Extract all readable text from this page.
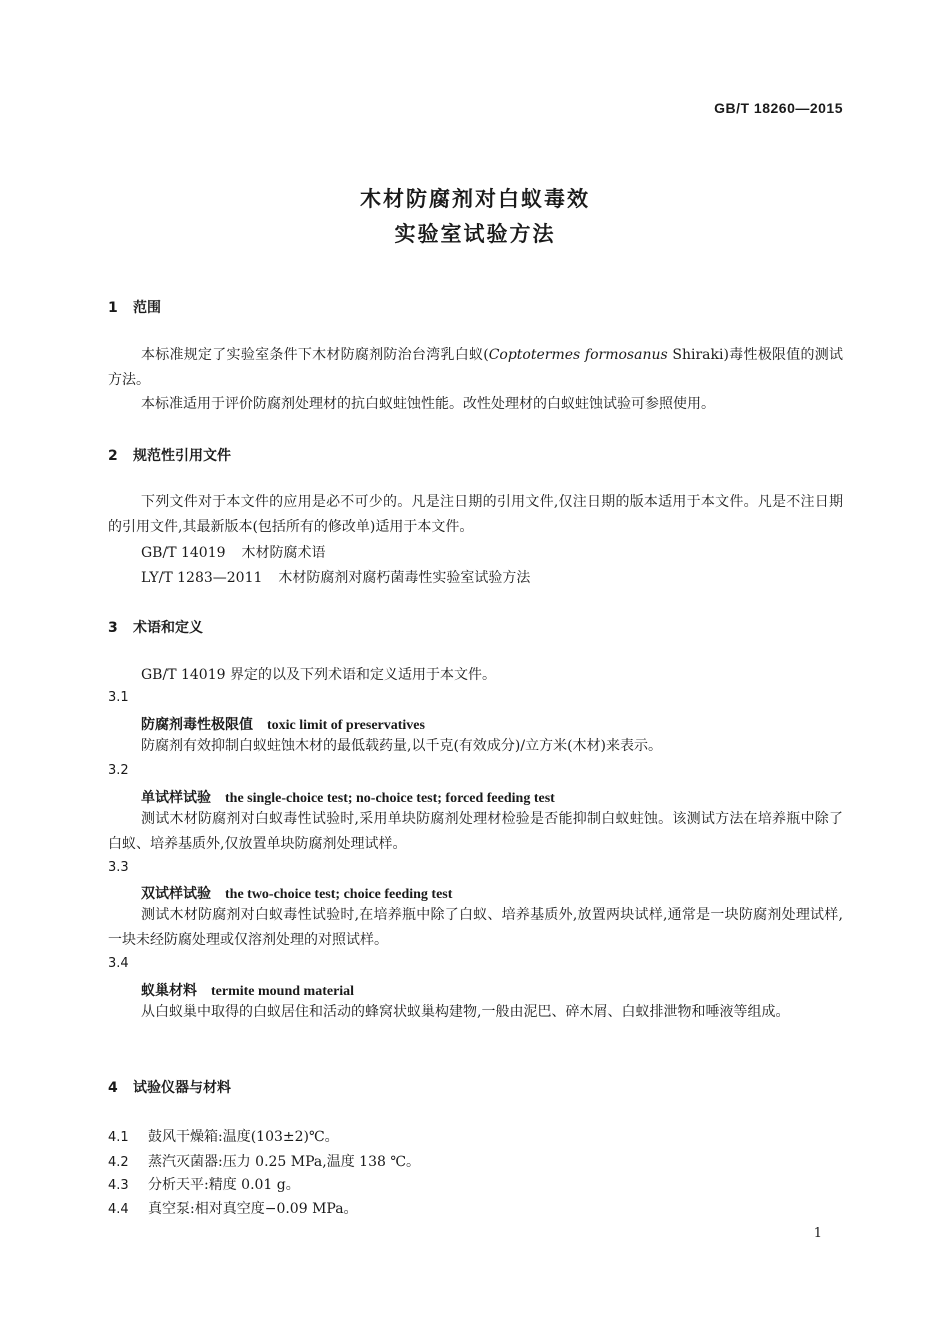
GB/T 18260—2015
木材防腐剂对白蚁毒效
实验室试验方法
1 范围
本标准规定了实验室条件下木材防腐剂防治台湾乳白蚁(Coptotermes formosanus Shiraki)毒性极限值的测试方法。
本标准适用于评价防腐剂处理材的抗白蚁蛀蚀性能。改性处理材的白蚁蛀蚀试验可参照使用。
2 规范性引用文件
下列文件对于本文件的应用是必不可少的。凡是注日期的引用文件,仅注日期的版本适用于本文件。凡是不注日期的引用文件,其最新版本(包括所有的修改单)适用于本文件。
GB/T 14019 木材防腐术语
LY/T 1283—2011 木材防腐剂对腐朽菌毒性实验室试验方法
3 术语和定义
GB/T 14019 界定的以及下列术语和定义适用于本文件。
3.1
防腐剂毒性极限值 toxic limit of preservatives
防腐剂有效抑制白蚁蛀蚀木材的最低载药量,以千克(有效成分)/立方米(木材)来表示。
3.2
单试样试验 the single-choice test; no-choice test; forced feeding test
测试木材防腐剂对白蚁毒性试验时,采用单块防腐剂处理材检验是否能抑制白蚁蛀蚀。该测试方法在培养瓶中除了白蚁、培养基质外,仅放置单块防腐剂处理试样。
3.3
双试样试验 the two-choice test; choice feeding test
测试木材防腐剂对白蚁毒性试验时,在培养瓶中除了白蚁、培养基质外,放置两块试样,通常是一块防腐剂处理试样,一块未经防腐处理或仅溶剂处理的对照试样。
3.4
蚁巢材料 termite mound material
从白蚁巢中取得的白蚁居住和活动的蜂窝状蚁巢构建物,一般由泥巴、碎木屑、白蚁排泄物和唾液等组成。
4 试验仪器与材料
4.1 鼓风干燥箱:温度(103±2)℃。
4.2 蒸汽灭菌器:压力 0.25 MPa,温度 138 ℃。
4.3 分析天平:精度 0.01 g。
4.4 真空泵:相对真空度−0.09 MPa。
1
